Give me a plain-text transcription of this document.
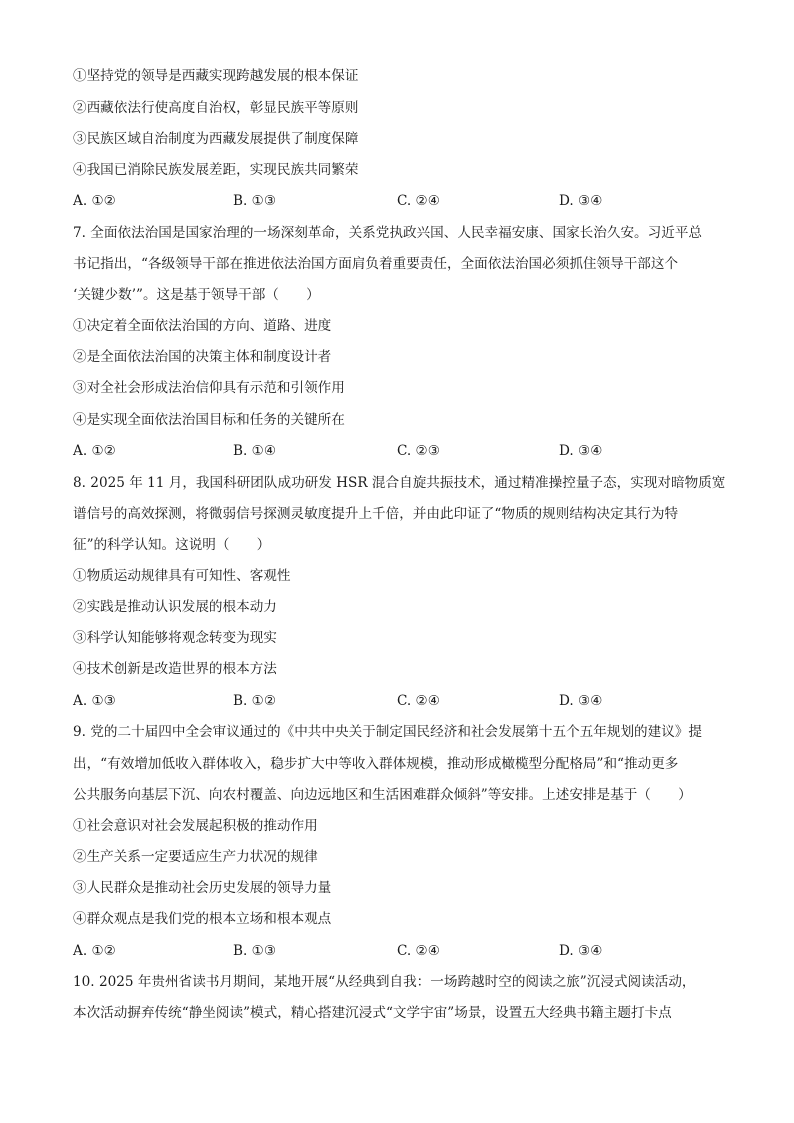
①坚持党的领导是西藏实现跨越发展的根本保证
②西藏依法行使高度自治权，彰显民族平等原则
③民族区域自治制度为西藏发展提供了制度保障
④我国已消除民族发展差距，实现民族共同繁荣
A. ①②	B. ①③	C. ②④	D. ③④
7. 全面依法治国是国家治理的一场深刻革命，关系党执政兴国、人民幸福安康、国家长治久安。习近平总
书记指出，“各级领导干部在推进依法治国方面肩负着重要责任，全面依法治国必须抓住领导干部这个
‘关键少数’”。这是基于领导干部（　　）
①决定着全面依法治国的方向、道路、进度
②是全面依法治国的决策主体和制度设计者
③对全社会形成法治信仰具有示范和引领作用
④是实现全面依法治国目标和任务的关键所在
A. ①②	B. ①④	C. ②③	D. ③④
8. 2025 年 11 月，我国科研团队成功研发 HSR 混合自旋共振技术，通过精准操控量子态，实现对暗物质宽
谱信号的高效探测，将微弱信号探测灵敏度提升上千倍，并由此印证了“物质的规则结构决定其行为特
征”的科学认知。这说明（　　）
①物质运动规律具有可知性、客观性
②实践是推动认识发展的根本动力
③科学认知能够将观念转变为现实
④技术创新是改造世界的根本方法
A. ①③	B. ①②	C. ②④	D. ③④
9. 党的二十届四中全会审议通过的《中共中央关于制定国民经济和社会发展第十五个五年规划的建议》提
出，“有效增加低收入群体收入，稳步扩大中等收入群体规模，推动形成橄榄型分配格局”和“推动更多
公共服务向基层下沉、向农村覆盖、向边远地区和生活困难群众倾斜”等安排。上述安排是基于（　　）
①社会意识对社会发展起积极的推动作用
②生产关系一定要适应生产力状况的规律
③人民群众是推动社会历史发展的领导力量
④群众观点是我们党的根本立场和根本观点
A. ①②	B. ①③	C. ②④	D. ③④
10. 2025 年贵州省读书月期间，某地开展“从经典到自我：一场跨越时空的阅读之旅”沉浸式阅读活动，
本次活动摒弃传统“静坐阅读”模式，精心搭建沉浸式“文学宇宙”场景，设置五大经典书籍主题打卡点
